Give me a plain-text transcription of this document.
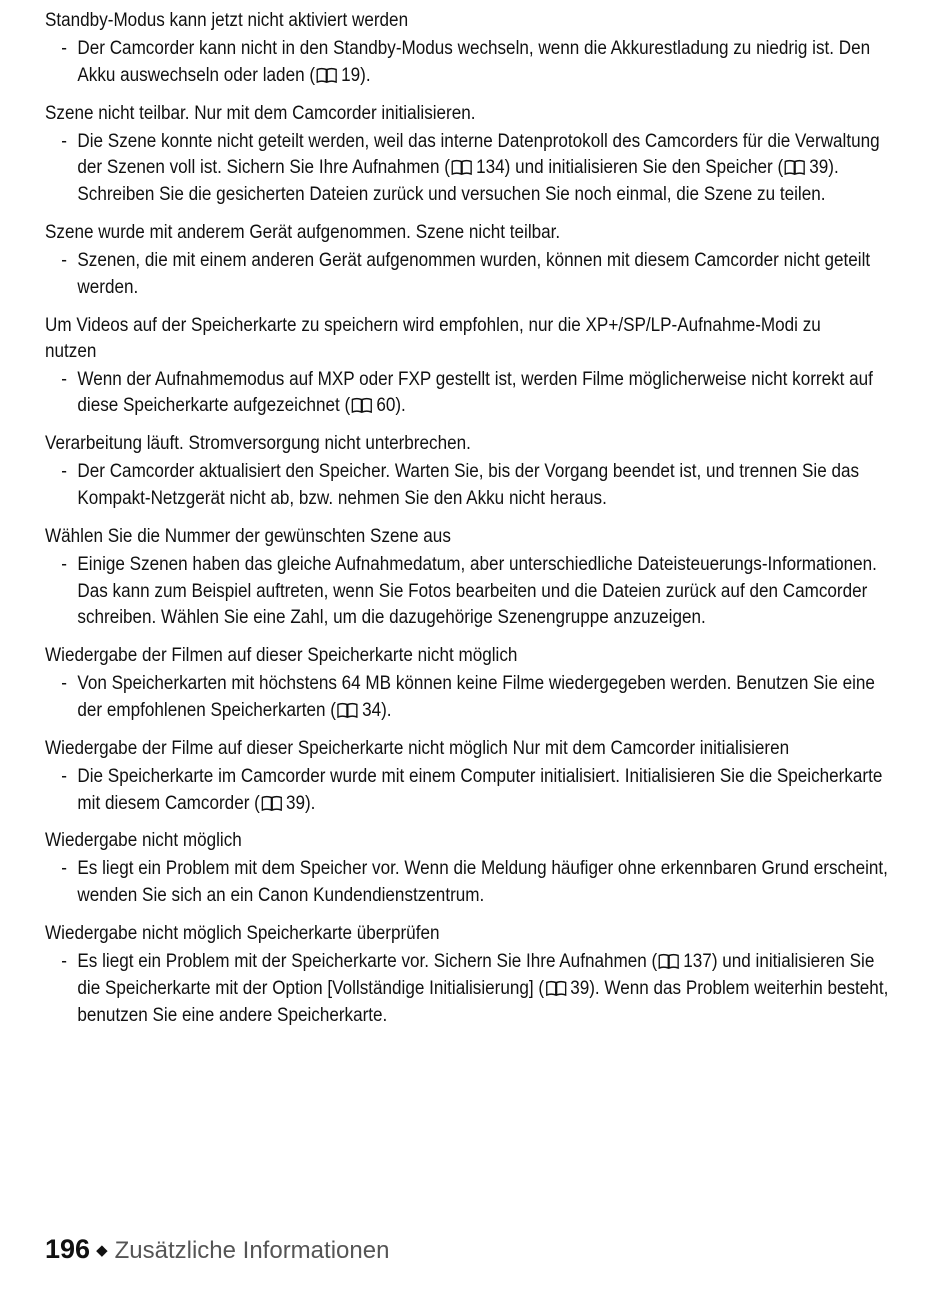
Standby-Modus kann jetzt nicht aktiviert werden
- Der Camcorder kann nicht in den Standby-Modus wechseln, wenn die Akkurestladung zu niedrig ist. Den Akku auswechseln oder laden ( 19).
Szene nicht teilbar. Nur mit dem Camcorder initialisieren.
- Die Szene konnte nicht geteilt werden, weil das interne Datenprotokoll des Camcorders für die Verwaltung der Szenen voll ist. Sichern Sie Ihre Aufnahmen ( 134) und initialisieren Sie den Speicher ( 39). Schreiben Sie die gesicherten Dateien zurück und versuchen Sie noch einmal, die Szene zu teilen.
Szene wurde mit anderem Gerät aufgenommen. Szene nicht teilbar.
- Szenen, die mit einem anderen Gerät aufgenommen wurden, können mit diesem Camcorder nicht geteilt werden.
Um Videos auf der Speicherkarte zu speichern wird empfohlen, nur die XP+/SP/LP-Aufnahme-Modi zu nutzen
- Wenn der Aufnahmemodus auf MXP oder FXP gestellt ist, werden Filme möglicherweise nicht korrekt auf diese Speicherkarte aufgezeichnet ( 60).
Verarbeitung läuft. Stromversorgung nicht unterbrechen.
- Der Camcorder aktualisiert den Speicher. Warten Sie, bis der Vorgang beendet ist, und trennen Sie das Kompakt-Netzgerät nicht ab, bzw. nehmen Sie den Akku nicht heraus.
Wählen Sie die Nummer der gewünschten Szene aus
- Einige Szenen haben das gleiche Aufnahmedatum, aber unterschiedliche Dateisteuerungs-Informationen. Das kann zum Beispiel auftreten, wenn Sie Fotos bearbeiten und die Dateien zurück auf den Camcorder schreiben. Wählen Sie eine Zahl, um die dazugehörige Szenengruppe anzuzeigen.
Wiedergabe der Filmen auf dieser Speicherkarte nicht möglich
- Von Speicherkarten mit höchstens 64 MB können keine Filme wiedergegeben werden. Benutzen Sie eine der empfohlenen Speicherkarten ( 34).
Wiedergabe der Filme auf dieser Speicherkarte nicht möglich Nur mit dem Camcorder initialisieren
- Die Speicherkarte im Camcorder wurde mit einem Computer initialisiert. Initialisieren Sie die Speicherkarte mit diesem Camcorder ( 39).
Wiedergabe nicht möglich
- Es liegt ein Problem mit dem Speicher vor. Wenn die Meldung häufiger ohne erkennbaren Grund erscheint, wenden Sie sich an ein Canon Kundendienstzentrum.
Wiedergabe nicht möglich Speicherkarte überprüfen
- Es liegt ein Problem mit der Speicherkarte vor. Sichern Sie Ihre Aufnahmen ( 137) und initialisieren Sie die Speicherkarte mit der Option [Vollständige Initialisierung] ( 39). Wenn das Problem weiterhin besteht, benutzen Sie eine andere Speicherkarte.
196 ◆ Zusätzliche Informationen
